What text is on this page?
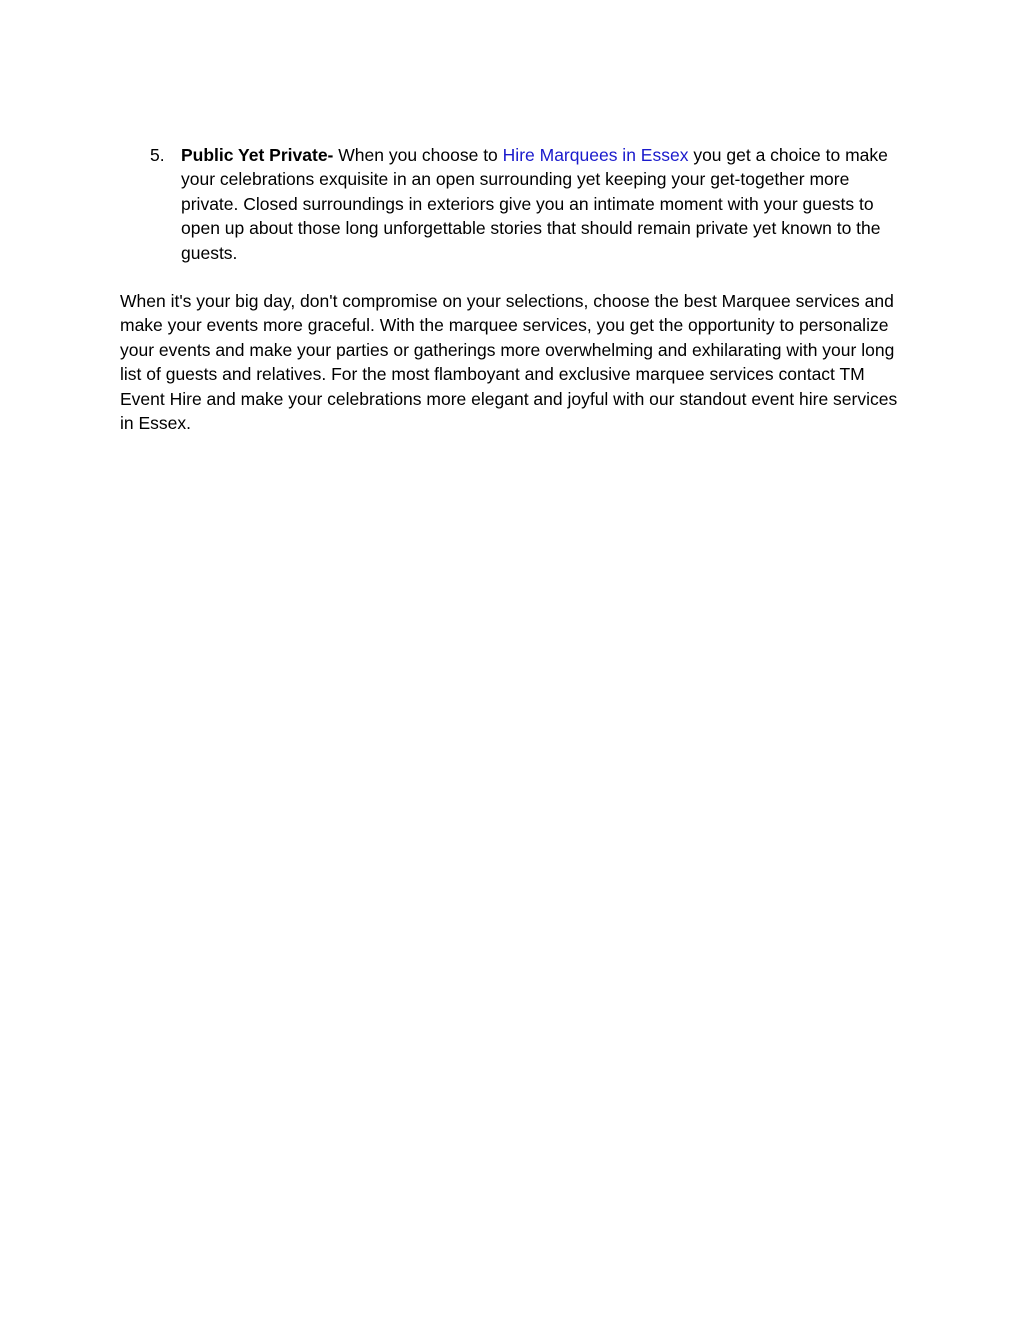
5. Public Yet Private- When you choose to Hire Marquees in Essex you get a choice to make your celebrations exquisite in an open surrounding yet keeping your get-together more private. Closed surroundings in exteriors give you an intimate moment with your guests to open up about those long unforgettable stories that should remain private yet known to the guests.

When it's your big day, don't compromise on your selections, choose the best Marquee services and make your events more graceful. With the marquee services, you get the opportunity to personalize your events and make your parties or gatherings more overwhelming and exhilarating with your long list of guests and relatives. For the most flamboyant and exclusive marquee services contact TM Event Hire and make your celebrations more elegant and joyful with our standout event hire services in Essex.
